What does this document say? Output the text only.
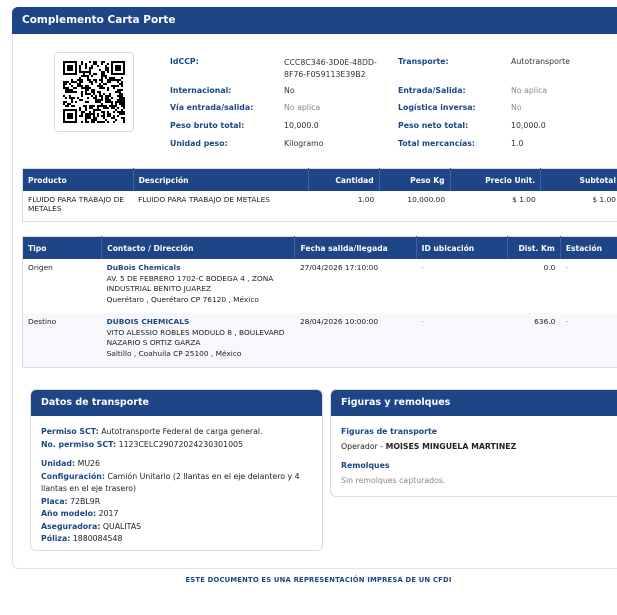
Complemento Carta Porte
IdCCP:	CCC8C346-3D0E-48DD-8F76-F059113E39B2
Transporte:	Autotransporte
Internacional:	No	Entrada/Salida:	No aplica
Vía entrada/salida:	No aplica	Logística inversa:	No
Peso bruto total:	10,000.0	Peso neto total:	10,000.0
Unidad peso:	Kilogramo	Total mercancías:	1.0
Producto	Descripción	Cantidad	Peso Kg	Precio Unit.	Subtotal
FLUIDO PARA TRABAJO DE METALES	FLUIDO PARA TRABAJO DE METALES	1.00	10,000.00	$ 1.00	$ 1.00
Tipo	Contacto / Dirección	Fecha salida/llegada	ID ubicación	Dist. Km	Estación
Origen	DuBois Chemicals
AV. 5 DE FEBRERO 1702-C BODEGA 4 , ZONA
INDUSTRIAL BENITO JUAREZ
Querétaro , Querétaro CP 76120 , México	27/04/2026 17:10:00	-	0.0	-
Destino	DUBOIS CHEMICALS
VITO ALESSIO ROBLES MODULO 8 , BOULEVARD
NAZARIO S ORTIZ GARZA
Saltillo , Coahuila CP 25100 , México	28/04/2026 10:00:00	-	636.0	-
Datos de transporte
Permiso SCT: Autotransporte Federal de carga general.
No. permiso SCT: 1123CELC29072024230301005
Unidad: MU26
Configuración: Camión Unitario (2 llantas en el eje delantero y 4
llantas en el eje trasero)
Placa: 72BL9R
Año modelo: 2017
Aseguradora: QUALITAS
Póliza: 1880084548
Figuras y remolques
Figuras de transporte
Operador - MOISES MINGUELA MARTINEZ
Remolques
Sin remolques capturados.
ESTE DOCUMENTO ES UNA REPRESENTACIÓN IMPRESA DE UN CFDI
